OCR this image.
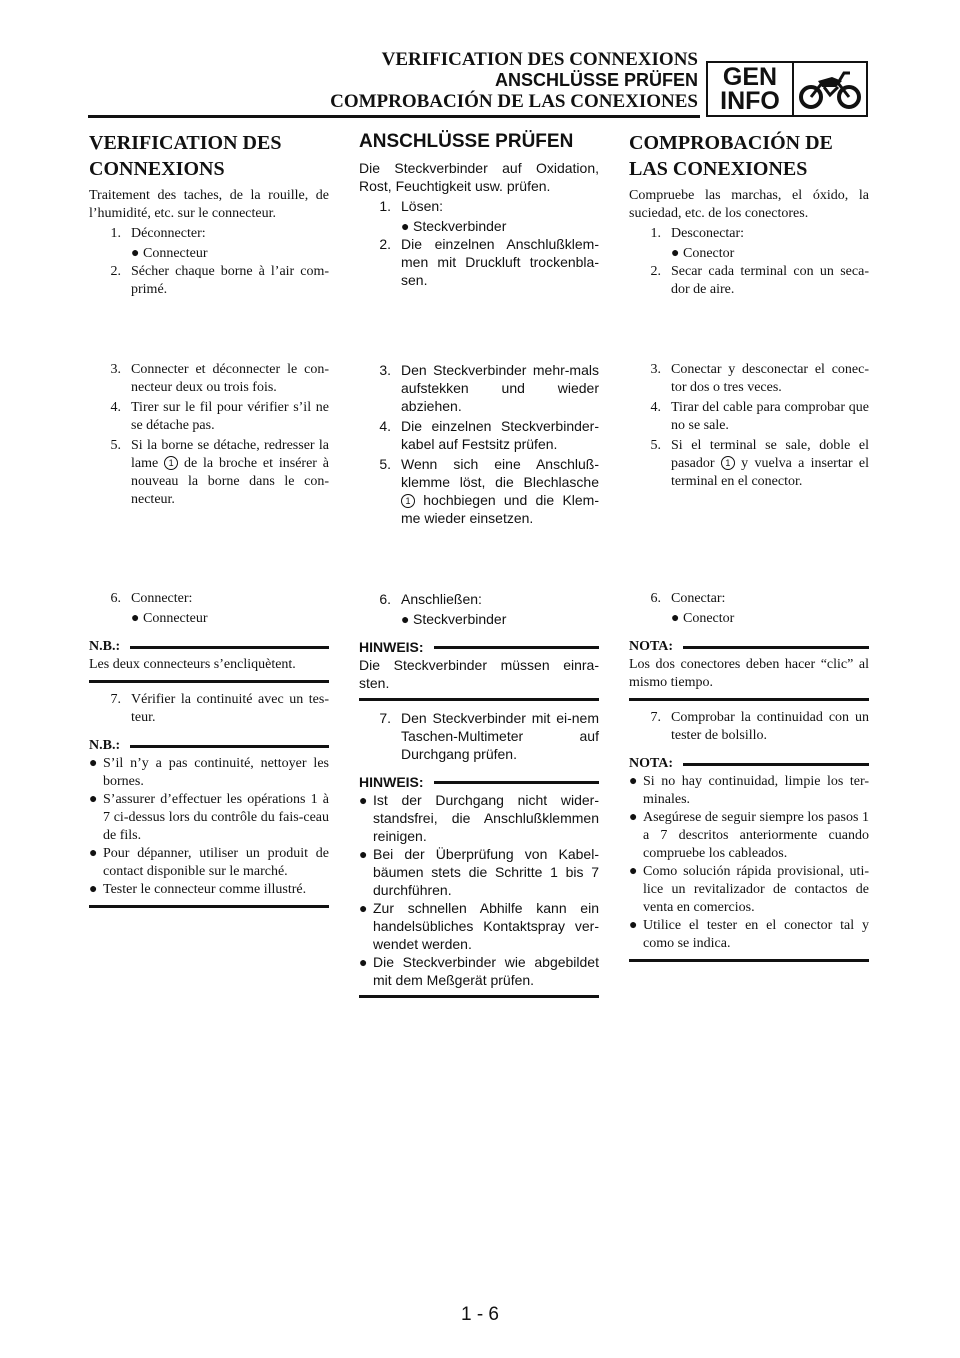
VERIFICATION DES CONNEXIONS
ANSCHLÜSSE PRÜFEN
COMPROBACIÓN DE LAS CONEXIONES
GEN
INFO
VERIFICATION DES CONNEXIONS
Traitement des taches, de la rouille, de l’humidité, etc. sur le connecteur.
1. Déconnecter:
● Connecteur
2. Sécher chaque borne à l’air com-primé.
3. Connecter et déconnecter le con-necteur deux ou trois fois.
4. Tirer sur le fil pour vérifier s’il ne se détache pas.
5. Si la borne se détache, redresser la lame 1 de la broche et insérer à nouveau la borne dans le con-necteur.
6. Connecter:
● Connecteur
N.B.:
Les deux connecteurs s’encliquètent.
7. Vérifier la continuité avec un tes-teur.
N.B.:
● S’il n’y a pas continuité, nettoyer les bornes.
● S’assurer d’effectuer les opérations 1 à 7 ci-dessus lors du contrôle du fais-ceau de fils.
● Pour dépanner, utiliser un produit de contact disponible sur le marché.
● Tester le connecteur comme illustré.
ANSCHLÜSSE PRÜFEN
Die Steckverbinder auf Oxidation, Rost, Feuchtigkeit usw. prüfen.
1. Lösen:
● Steckverbinder
2. Die einzelnen Anschlußklem-men mit Druckluft trockenbla-sen.
3. Den Steckverbinder mehr-mals aufstekken und wieder abziehen.
4. Die einzelnen Steckverbinder-kabel auf Festsitz prüfen.
5. Wenn sich eine Anschluß-klemme löst, die Blechlasche 1 hochbiegen und die Klem-me wieder einsetzen.
6. Anschließen:
● Steckverbinder
HINWEIS:
Die Steckverbinder müssen einra-sten.
7. Den Steckverbinder mit ei-nem Taschen-Multimeter auf Durchgang prüfen.
HINWEIS:
● Ist der Durchgang nicht wider-standsfrei, die Anschlußklemmen reinigen.
● Bei der Überprüfung von Kabel-bäumen stets die Schritte 1 bis 7 durchführen.
● Zur schnellen Abhilfe kann ein handelsübliches Kontaktspray ver-wendet werden.
● Die Steckverbinder wie abgebildet mit dem Meßgerät prüfen.
COMPROBACIÓN DE LAS CONEXIONES
Compruebe las marchas, el óxido, la suciedad, etc. de los conectores.
1. Desconectar:
● Conector
2. Secar cada terminal con un seca-dor de aire.
3. Conectar y desconectar el conec-tor dos o tres veces.
4. Tirar del cable para comprobar que no se sale.
5. Si el terminal se sale, doble el pasador 1 y vuelva a insertar el terminal en el conector.
6. Conectar:
● Conector
NOTA:
Los dos conectores deben hacer “clic” al mismo tiempo.
7. Comprobar la continuidad con un tester de bolsillo.
NOTA:
● Si no hay continuidad, limpie los ter-minales.
● Asegúrese de seguir siempre los pasos 1 a 7 descritos anteriormente cuando compruebe los cableados.
● Como solución rápida provisional, uti-lice un revitalizador de contactos de venta en comercios.
● Utilice el tester en el conector tal y como se indica.
1 - 6
